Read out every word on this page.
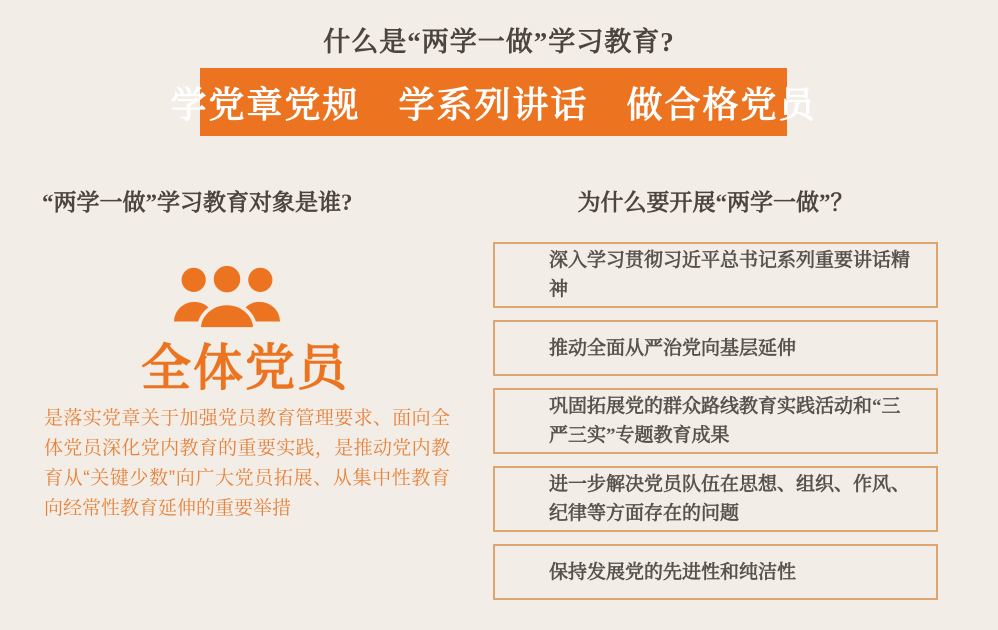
什么是“两学一做”学习教育?
学党章党规　学系列讲话　做合格党员
“两学一做”学习教育对象是谁?
全体党员
是落实党章关于加强党员教育管理要求、面向全体党员深化党内教育的重要实践，是推动党内教育从“关键少数”向广大党员拓展、从集中性教育向经常性教育延伸的重要举措
为什么要开展“两学一做”？
深入学习贯彻习近平总书记系列重要讲话精神
推动全面从严治党向基层延伸
巩固拓展党的群众路线教育实践活动和“三严三实”专题教育成果
进一步解决党员队伍在思想、组织、作风、纪律等方面存在的问题
保持发展党的先进性和纯洁性
